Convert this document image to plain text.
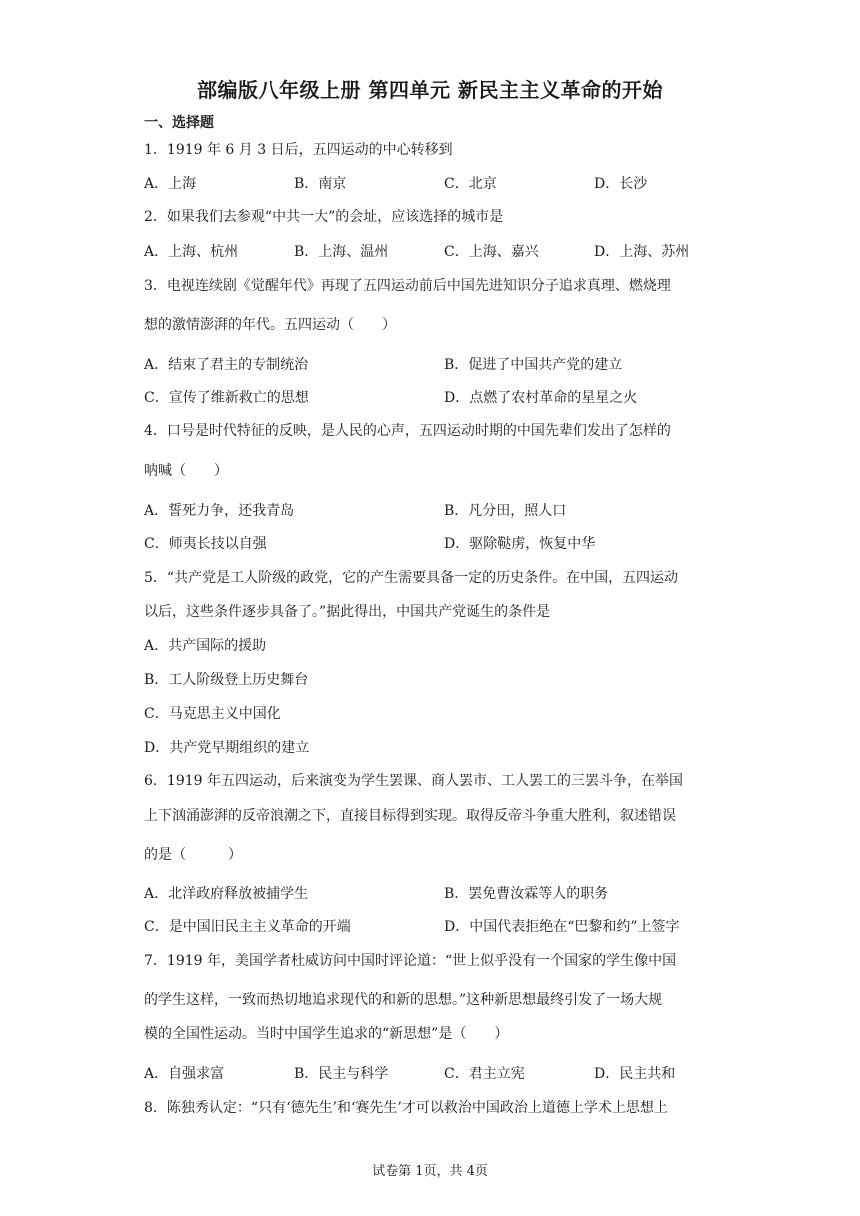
部编版八年级上册 第四单元 新民主主义革命的开始
一、选择题
1．1919 年 6 月 3 日后，五四运动的中心转移到
A．上海	B．南京	C．北京	D．长沙
2．如果我们去参观“中共一大”的会址，应该选择的城市是
A．上海、杭州	B．上海、温州	C．上海、嘉兴	D．上海、苏州
3．电视连续剧《觉醒年代》再现了五四运动前后中国先进知识分子追求真理、燃烧理
想的激情澎湃的年代。五四运动（　　）
A．结束了君主的专制统治	B．促进了中国共产党的建立
C．宣传了维新救亡的思想	D．点燃了农村革命的星星之火
4．口号是时代特征的反映，是人民的心声，五四运动时期的中国先辈们发出了怎样的
呐喊（　　）
A．誓死力争，还我青岛	B．凡分田，照人口
C．师夷长技以自强	D．驱除鞑虏，恢复中华
5．“共产党是工人阶级的政党，它的产生需要具备一定的历史条件。在中国，五四运动
以后，这些条件逐步具备了。”据此得出，中国共产党诞生的条件是
A．共产国际的援助
B．工人阶级登上历史舞台
C．马克思主义中国化
D．共产党早期组织的建立
6．1919 年五四运动，后来演变为学生罢课、商人罢市、工人罢工的三罢斗争，在举国
上下汹涌澎湃的反帝浪潮之下，直接目标得到实现。取得反帝斗争重大胜利，叙述错误
的是（　　　）
A．北洋政府释放被捕学生	B．罢免曹汝霖等人的职务
C．是中国旧民主主义革命的开端	D．中国代表拒绝在“巴黎和约”上签字
7．1919 年，美国学者杜威访问中国时评论道：“世上似乎没有一个国家的学生像中国
的学生这样，一致而热切地追求现代的和新的思想。”这种新思想最终引发了一场大规
模的全国性运动。当时中国学生追求的“新思想”是（　　）
A．自强求富	B．民主与科学	C．君主立宪	D．民主共和
8．陈独秀认定：“只有‘德先生’和‘赛先生’才可以救治中国政治上道德上学术上思想上
试卷第 1页，共 4页
